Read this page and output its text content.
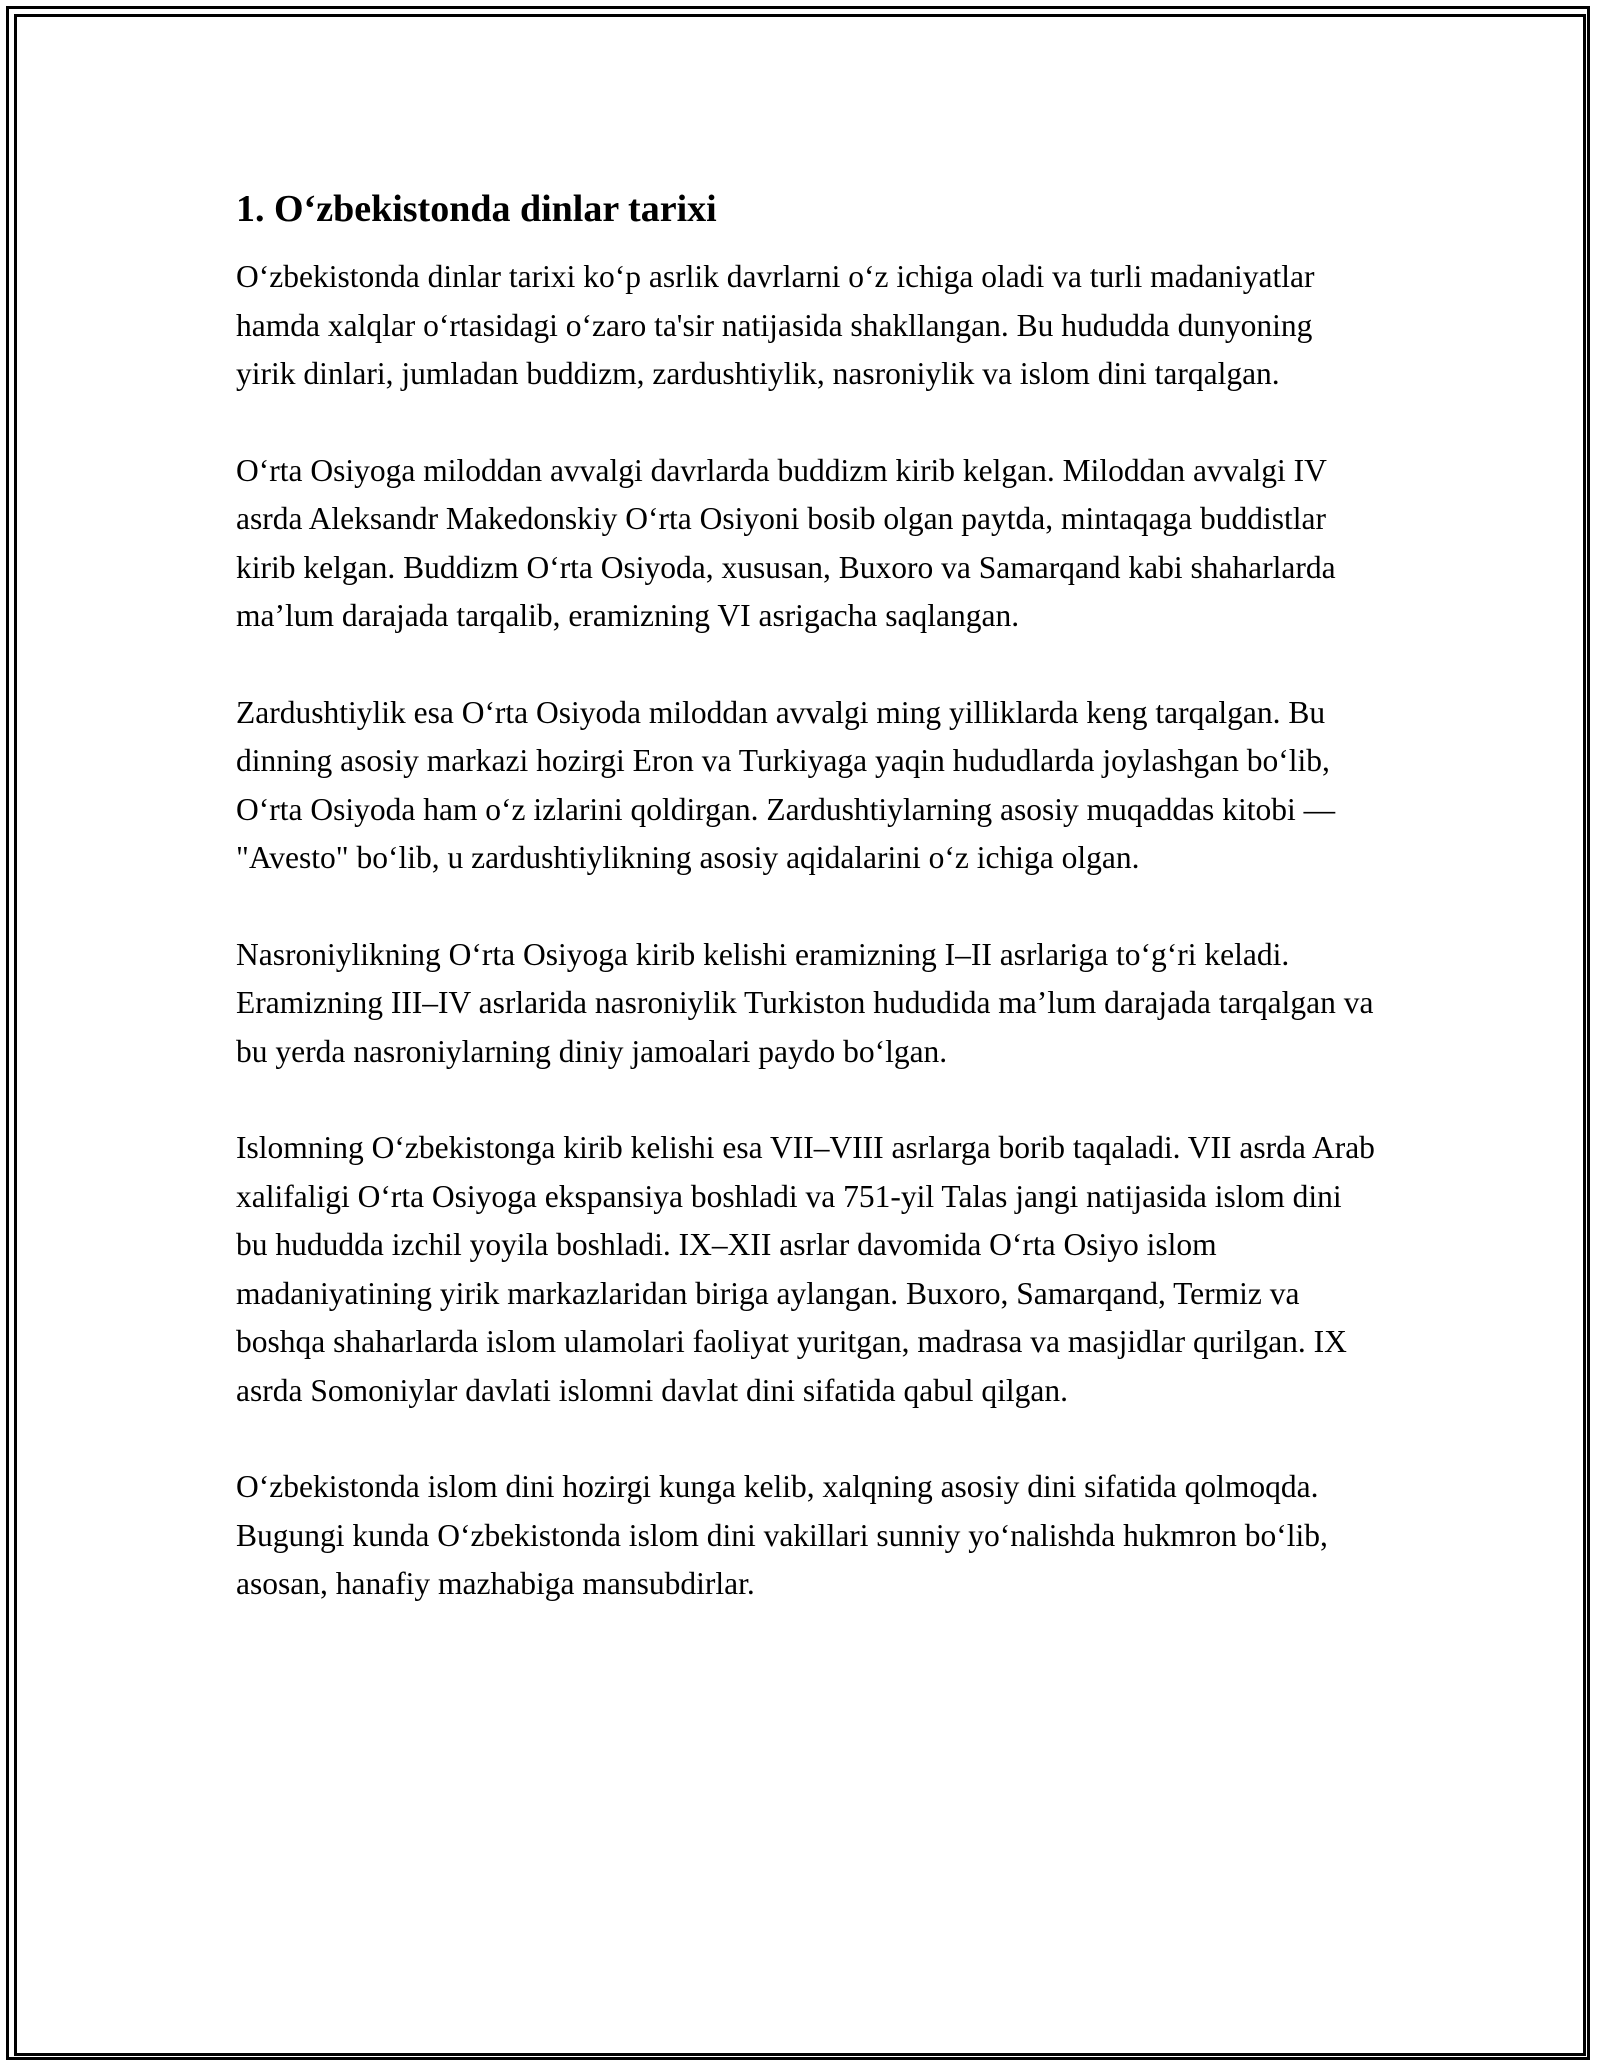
1. O‘zbekistonda dinlar tarixi

O‘zbekistonda dinlar tarixi ko‘p asrlik davrlarni o‘z ichiga oladi va turli madaniyatlar hamda xalqlar o‘rtasidagi o‘zaro ta'sir natijasida shakllangan. Bu hududda dunyoning yirik dinlari, jumladan buddizm, zardushtiylik, nasroniylik va islom dini tarqalgan.

O‘rta Osiyoga miloddan avvalgi davrlarda buddizm kirib kelgan. Miloddan avvalgi IV asrda Aleksandr Makedonskiy O‘rta Osiyoni bosib olgan paytda, mintaqaga buddistlar kirib kelgan. Buddizm O‘rta Osiyoda, xususan, Buxoro va Samarqand kabi shaharlarda ma’lum darajada tarqalib, eramizning VI asrigacha saqlangan.

Zardushtiylik esa O‘rta Osiyoda miloddan avvalgi ming yilliklarda keng tarqalgan. Bu dinning asosiy markazi hozirgi Eron va Turkiyaga yaqin hududlarda joylashgan bo‘lib, O‘rta Osiyoda ham o‘z izlarini qoldirgan. Zardushtiylarning asosiy muqaddas kitobi — "Avesto" bo‘lib, u zardushtiylikning asosiy aqidalarini o‘z ichiga olgan.

Nasroniylikning O‘rta Osiyoga kirib kelishi eramizning I–II asrlariga to‘g‘ri keladi. Eramizning III–IV asrlarida nasroniylik Turkiston hududida ma’lum darajada tarqalgan va bu yerda nasroniylarning diniy jamoalari paydo bo‘lgan.

Islomning O‘zbekistonga kirib kelishi esa VII–VIII asrlarga borib taqaladi. VII asrda Arab xalifaligi O‘rta Osiyoga ekspansiya boshladi va 751-yil Talas jangi natijasida islom dini bu hududda izchil yoyila boshladi. IX–XII asrlar davomida O‘rta Osiyo islom madaniyatining yirik markazlaridan biriga aylangan. Buxoro, Samarqand, Termiz va boshqa shaharlarda islom ulamolari faoliyat yuritgan, madrasa va masjidlar qurilgan. IX asrda Somoniylar davlati islomni davlat dini sifatida qabul qilgan.

O‘zbekistonda islom dini hozirgi kunga kelib, xalqning asosiy dini sifatida qolmoqda. Bugungi kunda O‘zbekistonda islom dini vakillari sunniy yo‘nalishda hukmron bo‘lib, asosan, hanafiy mazhabiga mansubdirlar.
